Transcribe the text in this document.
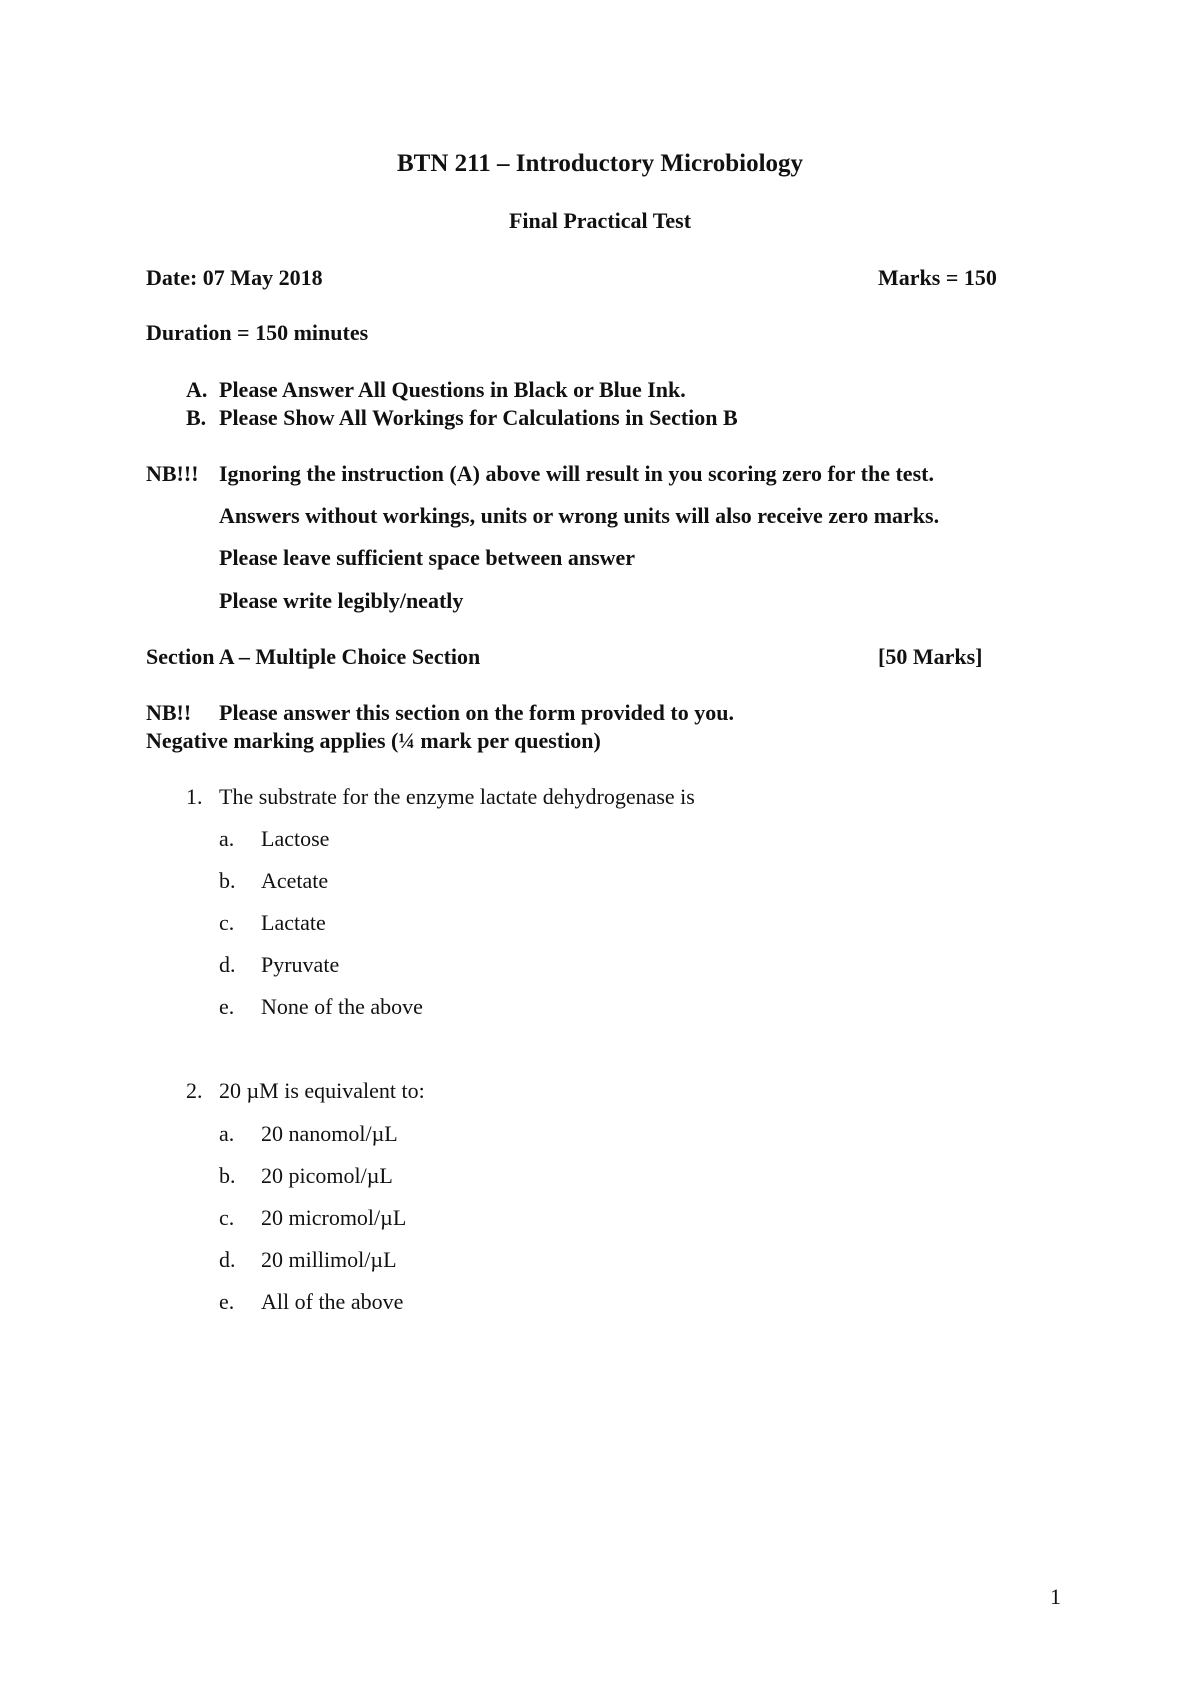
BTN 211 – Introductory Microbiology
Final Practical Test
Date: 07 May 2018	Marks = 150
Duration = 150 minutes
A. Please Answer All Questions in Black or Blue Ink.
B. Please Show All Workings for Calculations in Section B
NB!!! Ignoring the instruction (A) above will result in you scoring zero for the test.
Answers without workings, units or wrong units will also receive zero marks.
Please leave sufficient space between answer
Please write legibly/neatly
Section A – Multiple Choice Section	[50 Marks]
NB!! Please answer this section on the form provided to you.
Negative marking applies (¼ mark per question)
1. The substrate for the enzyme lactate dehydrogenase is
a. Lactose
b. Acetate
c. Lactate
d. Pyruvate
e. None of the above
2. 20 µM is equivalent to:
a. 20 nanomol/µL
b. 20 picomol/µL
c. 20 micromol/µL
d. 20 millimol/µL
e. All of the above
1
